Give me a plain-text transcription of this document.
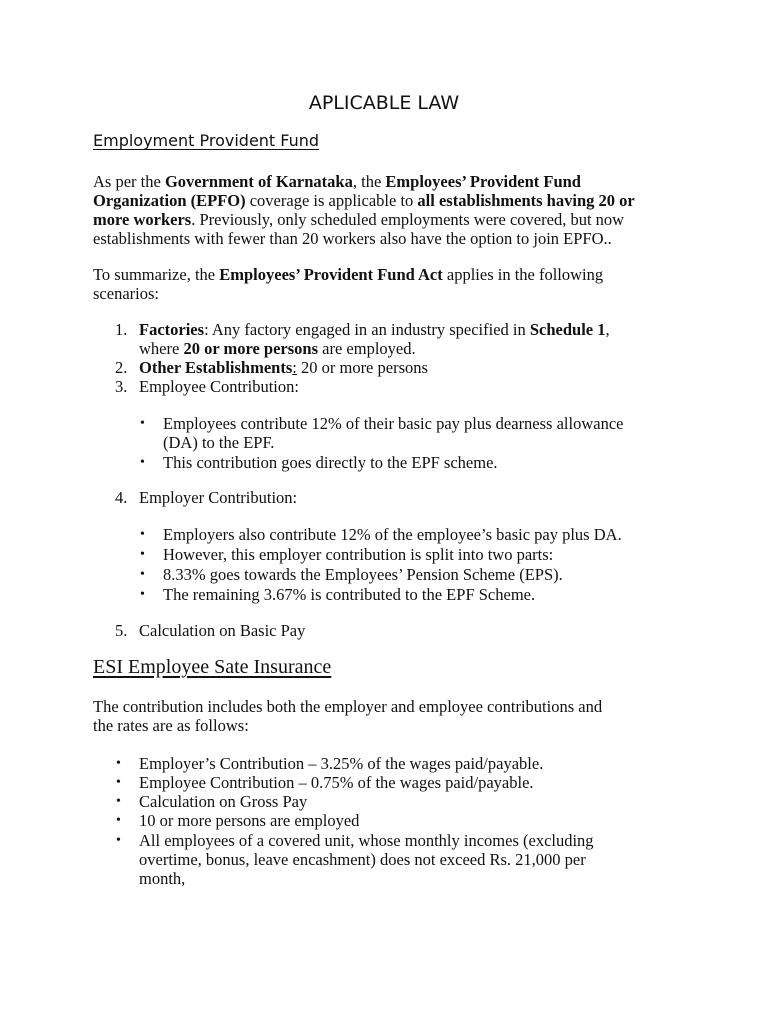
APLICABLE LAW
Employment Provident Fund
As per the Government of Karnataka, the Employees’ Provident Fund
Organization (EPFO) coverage is applicable to all establishments having 20 or
more workers. Previously, only scheduled employments were covered, but now
establishments with fewer than 20 workers also have the option to join EPFO..
To summarize, the Employees’ Provident Fund Act applies in the following
scenarios:
1. Factories: Any factory engaged in an industry specified in Schedule 1,
where 20 or more persons are employed.
2. Other Establishments: 20 or more persons
3. Employee Contribution:
• Employees contribute 12% of their basic pay plus dearness allowance
(DA) to the EPF.
• This contribution goes directly to the EPF scheme.
4. Employer Contribution:
• Employers also contribute 12% of the employee’s basic pay plus DA.
• However, this employer contribution is split into two parts:
• 8.33% goes towards the Employees’ Pension Scheme (EPS).
• The remaining 3.67% is contributed to the EPF Scheme.
5. Calculation on Basic Pay
ESI Employee Sate Insurance
The contribution includes both the employer and employee contributions and
the rates are as follows:
• Employer’s Contribution – 3.25% of the wages paid/payable.
• Employee Contribution – 0.75% of the wages paid/payable.
• Calculation on Gross Pay
• 10 or more persons are employed
• All employees of a covered unit, whose monthly incomes (excluding
overtime, bonus, leave encashment) does not exceed Rs. 21,000 per
month,
